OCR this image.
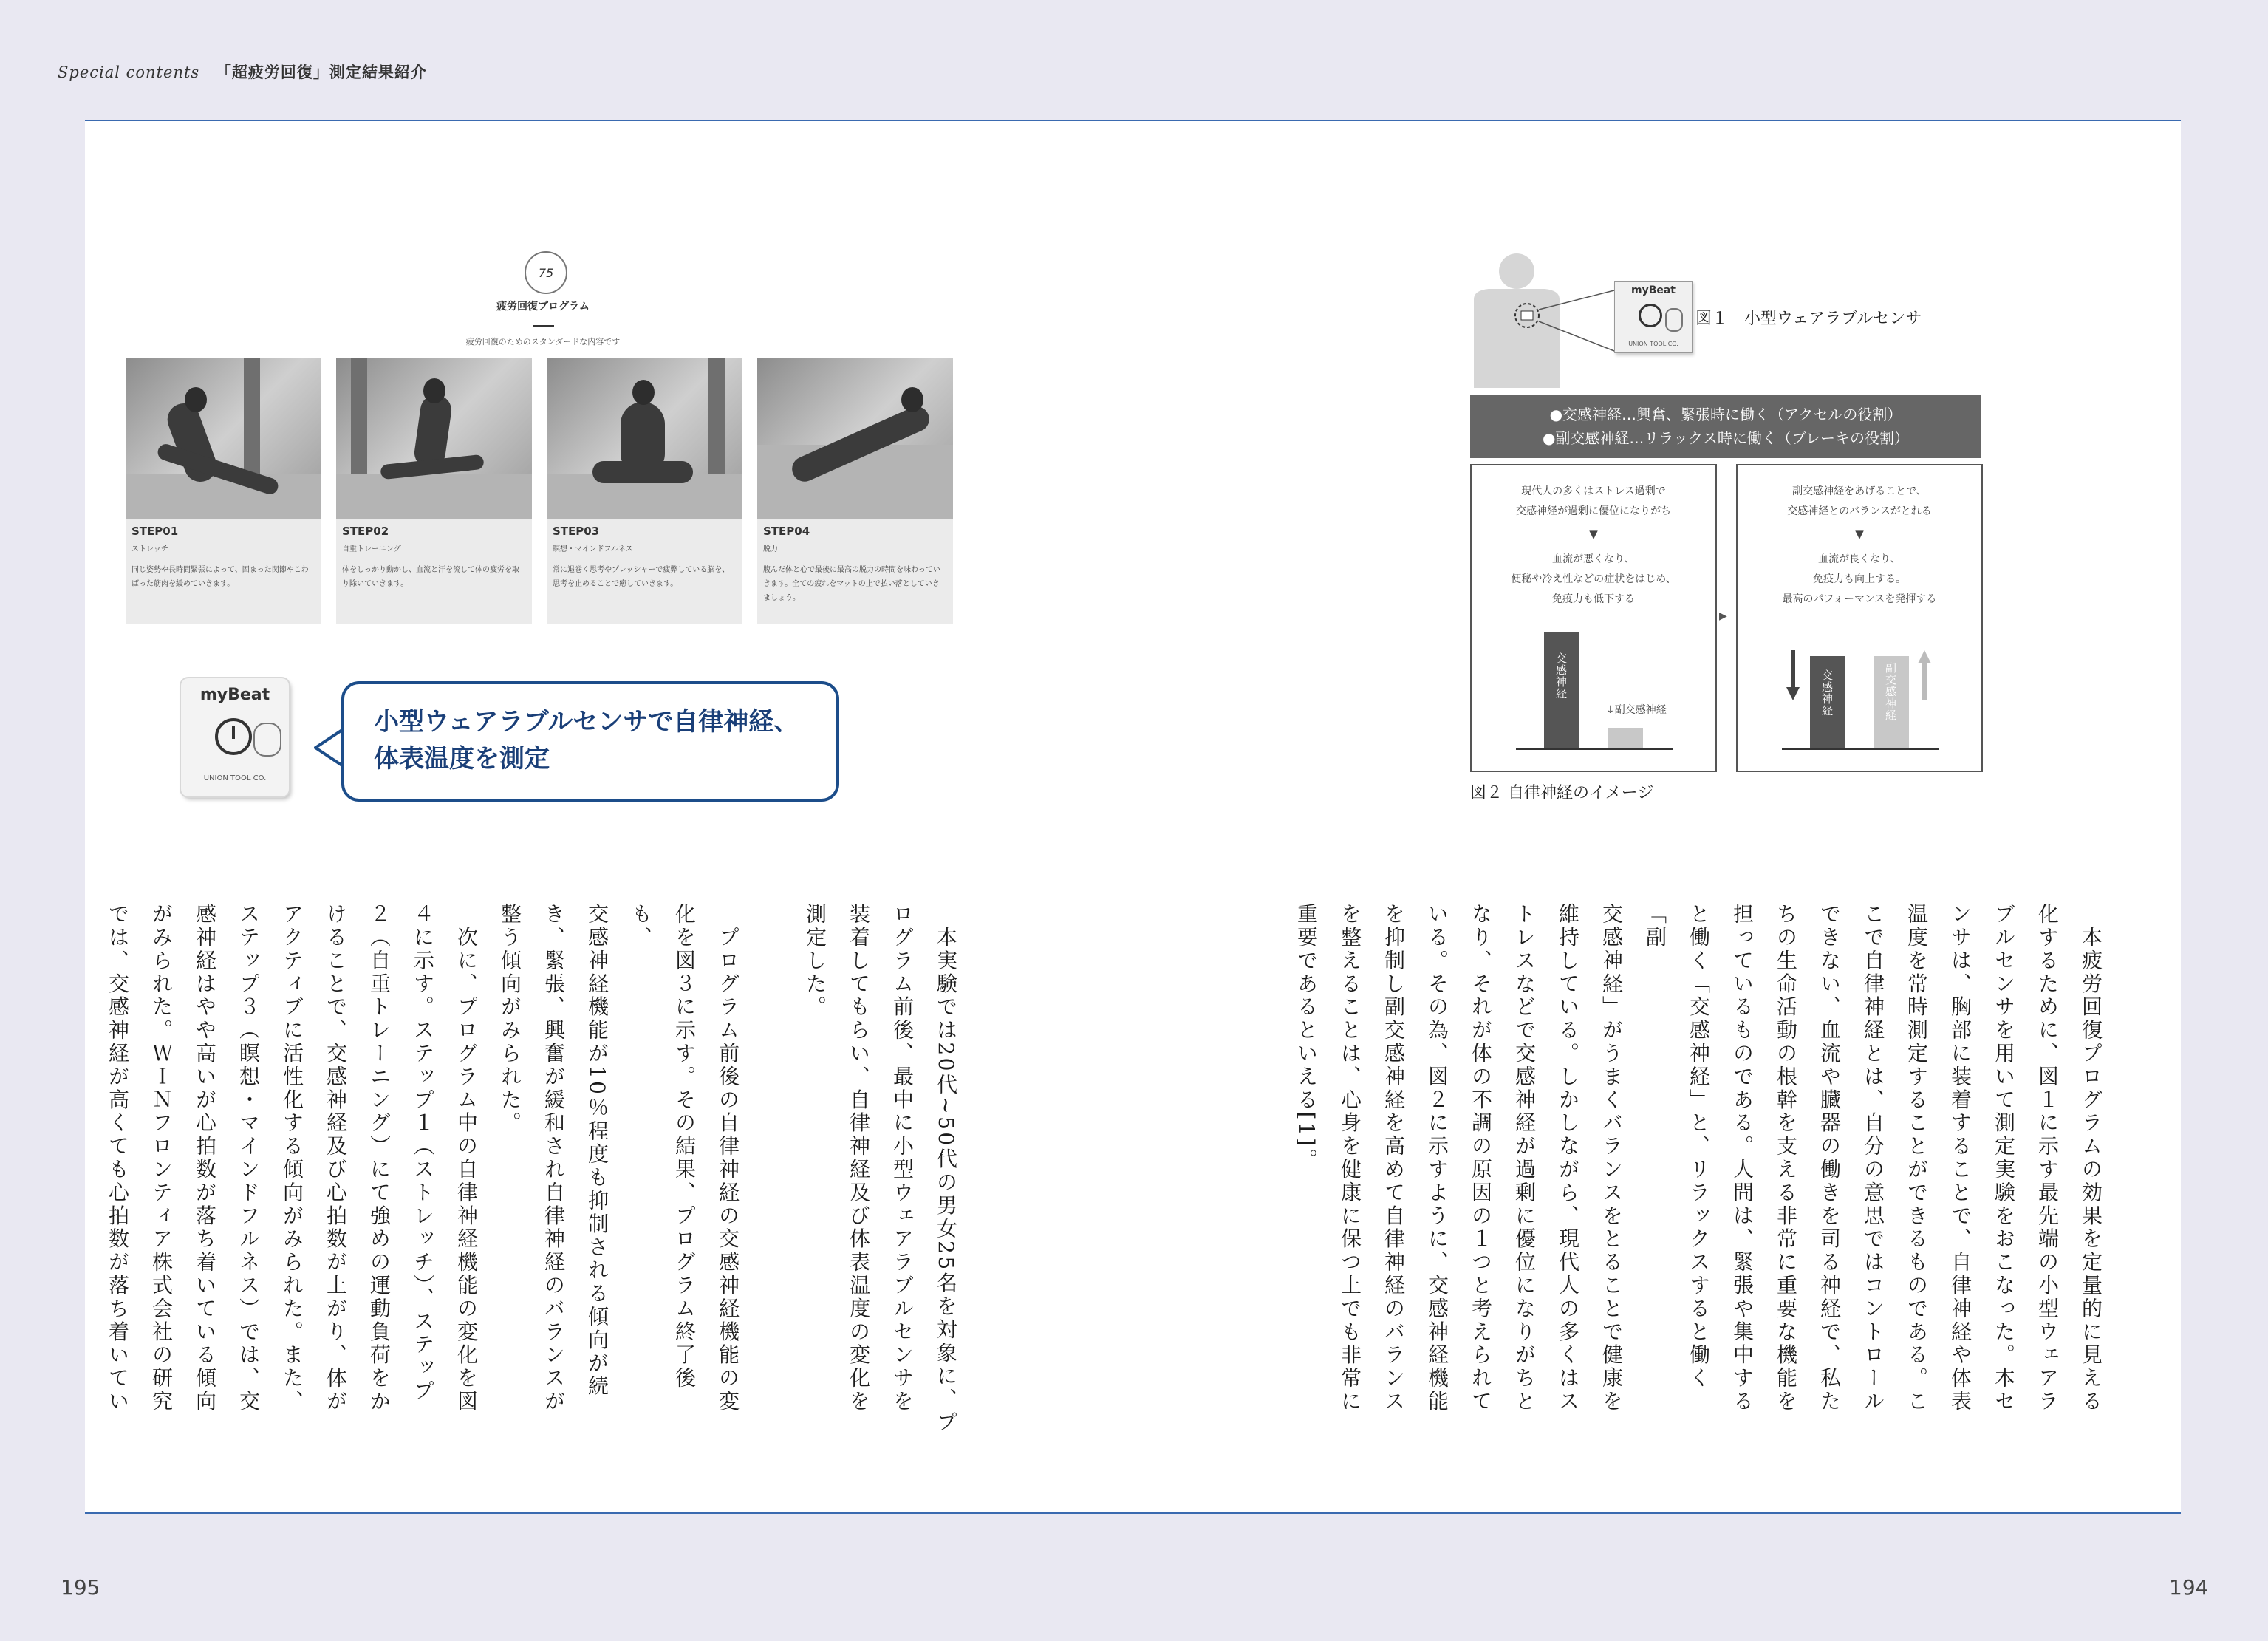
Special contents 「超疲労回復」測定結果紹介
75
疲労回復プログラム
疲労回復のためのスタンダードな内容です
STEP01
ストレッチ
同じ姿勢や長時間緊張によって、固まった関節やこわばった筋肉を緩めていきます。
STEP02
自重トレーニング
体をしっかり動かし、血流と汗を流して体の疲労を取り除いていきます。
STEP03
瞑想・マインドフルネス
常に退巻く思考やプレッシャーで疲弊している脳を、思考を止めることで癒していきます。
STEP04
脱力
腹んだ体と心で最後に最高の脱力の時間を味わっていきます。全ての疲れをマットの上で払い落としていきましょう。
myBeat
UNION TOOL CO.
小型ウェアラブルセンサで自律神経、
体表温度を測定
myBeat
UNION TOOL CO.
図１　小型ウェアラブルセンサ
●交感神経…興奮、緊張時に働く（アクセルの役割）
●副交感神経…リラックス時に働く（ブレーキの役割）
現代人の多くはストレス過剰で
交感神経が過剰に優位になりがち
▼
血流が悪くなり、
便秘や冷え性などの症状をはじめ、
免疫力も低下する
交感神経
↓副交感神経
▶
副交感神経をあげることで、
交感神経とのバランスがとれる
▼
血流が良くなり、
免疫力も向上する。
最高のパフォーマンスを発揮する
交感神経	副交感神経
図２ 自律神経のイメージ
　本疲労回復プログラムの効果を定量的に見える
化するために、図１に示す最先端の小型ウェアラ
ブルセンサを用いて測定実験をおこなった。本セ
ンサは、胸部に装着することで、自律神経や体表
温度を常時測定することができるものである。こ
こで自律神経とは、自分の意思ではコントロール
できない、血流や臓器の働きを司る神経で、私た
ちの生命活動の根幹を支える非常に重要な機能を
担っているものである。人間は、緊張や集中する
と働く「交感神経」と、リラックスすると働く「副
交感神経」がうまくバランスをとることで健康を
維持している。しかしながら、現代人の多くはス
トレスなどで交感神経が過剰に優位になりがちと
なり、それが体の不調の原因の１つと考えられて
いる。その為、図２に示すように、交感神経機能
を抑制し副交感神経を高めて自律神経のバランス
を整えることは、心身を健康に保つ上でも非常に
重要であるといえる[1]。
　本実験では20代~50代の男女25名を対象に、プ
ログラム前後、最中に小型ウェアラブルセンサを
装着してもらい、自律神経及び体表温度の変化を
測定した。

　プログラム前後の自律神経の交感神経機能の変
化を図３に示す。その結果、プログラム終了後も、
交感神経機能が10％程度も抑制される傾向が続
き、緊張、興奮が緩和され自律神経のバランスが
整う傾向がみられた。
　次に、プログラム中の自律神経機能の変化を図
４に示す。ステップ１（ストレッチ）、ステップ
２（自重トレーニング）にて強めの運動負荷をか
けることで、交感神経及び心拍数が上がり、体が
アクティブに活性化する傾向がみられた。また、
ステップ３（瞑想・マインドフルネス）では、交
感神経はやや高いが心拍数が落ち着いている傾向
がみられた。ＷＩＮフロンティア株式会社の研究
では、交感神経が高くても心拍数が落ち着いてい
195	194
